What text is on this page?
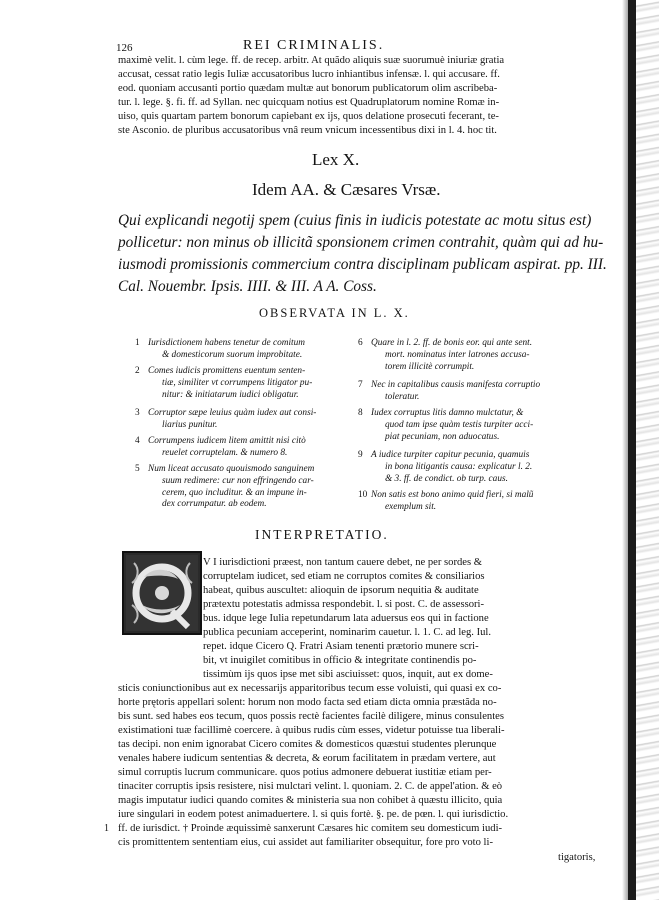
126	REI CRIMINALIS.
maximè velit. l. cùm lege. ff. de recep. arbitr. At quãdo aliquis suæ suorumuè iniuriæ gratia
accusat, cessat ratio legis Iuliæ accusatoribus lucro inhiantibus infensæ. l. qui accusare. ff.
eod. quoniam accusanti portio quædam multæ aut bonorum publicatorum olim ascribeba-
tur. l. lege. §. fi. ff. ad Syllan. nec quicquam notius est Quadruplatorum nomine Romæ in-
uiso, quis quartam partem bonorum capiebant ex ijs, quos delatione prosecuti fecerant, te-
ste Asconio. de pluribus accusatoribus vnâ reum vnicum incessentibus dixi in l. 4. hoc tit.
Lex X.
Idem AA. & Cæsares Vrsæ.
Qui explicandi negotij spem (cuius finis in iudicis potestate ac motu situs est)
pollicetur: non minus ob illicitã sponsionem crimen contrahit, quàm qui ad hu-
iusmodi promissionis commercium contra disciplinam publicam aspirat. pp. III.
Cal. Nouembr. Ipsis. IIII. & III. A A. Coss.
OBSERVATA IN L. X.
1 Iurisdictionem habens tenetur de comitum
& domesticorum suorum improbitate.
2 Comes iudicis promittens euentum senten-
tiæ, similiter vt corrumpens litigator pu-
nitur: & initiatarum iudici obligatur.
3 Corruptor sæpe leuius quàm iudex aut consi-
liarius punitur.
4 Corrumpens iudicem litem amittit nisi citò
reuelet corruptelam. & numero 8.
5 Num liceat accusato quouismodo sanguinem
suum redimere: cur non effringendo car-
cerem, quo includitur. & an impune in-
dex corrumpatur. ab eodem.
6 Quare in l. 2. ff. de bonis eor. qui ante sent.
mort. nominatus inter latrones accusa-
torem illicitè corrumpit.
7 Nec in capitalibus causis manifesta corruptio
toleratur.
8 Iudex corruptus litis damno mulctatur, &
quod tam ipse quàm testis turpiter acci-
piat pecuniam, non aduocatus.
9 A iudice turpiter capitur pecunia, quamuis
in bona litigantis causa: explicatur l. 2.
& 3. ff. de condict. ob turp. caus.
10 Non satis est bono animo quid fieri, si malũ
exemplum sit.
INTERPRETATIO.
V I iurisdictioni præest, non tantum cauere debet, ne per sordes &
corruptelam iudicet, sed etiam ne corruptos comites & consiliarios
habeat, quibus auscultet: alioquin de ipsorum nequitia & auditate
prætextu potestatis admissa respondebit. l. si post. C. de assessori-
bus. idque lege Iulia repetundarum lata aduersus eos qui in factione
publica pecuniam acceperint, nominarim cauetur. l. 1. C. ad leg. Iul.
repet. idque Cicero Q. Fratri Asiam tenenti prætorio munere scri-
bit, vt inuigilet comitibus in officio & integritate continendis po-
tissimùm ijs quos ipse met sibi asciuisset: quos, inquit, aut ex dome-
sticis coniunctionibus aut ex necessarijs apparitoribus tecum esse voluisti, qui quasi ex co-
horte prętoris appellari solent: horum non modo facta sed etiam dicta omnia præstãda no-
bis sunt. sed habes eos tecum, quos possis rectè facientes facilè diligere, minus consulentes
existimationi tuæ facillimè coercere. à quibus rudis cùm esses, videtur potuisse tua liberali-
tas decipi. non enim ignorabat Cicero comites & domesticos quæstui studentes plerunque
venales habere iudicum sententias & decreta, & eorum facilitatem in prædam vertere, aut
simul corruptis lucrum communicare. quos potius admonere debuerat iustitiæ etiam per-
tinaciter corruptis ipsis resistere, nisi mulctari velint. l. quoniam. 2. C. de appel'ation. & eò
magis imputatur iudici quando comites & ministeria sua non cohibet à quæstu illicito, quia
iure singulari in eodem potest animaduertere. l. si quis fortè. §. pe. de pœn. l. qui iurisdictio.
ff. de iurisdict. † Proinde æquissimè sanxerunt Cæsares hic comitem seu domesticum iudi-
cis promittentem sententiam eius, cui assidet aut familiariter obsequitur, fore pro voto li-
1
tigatoris,
